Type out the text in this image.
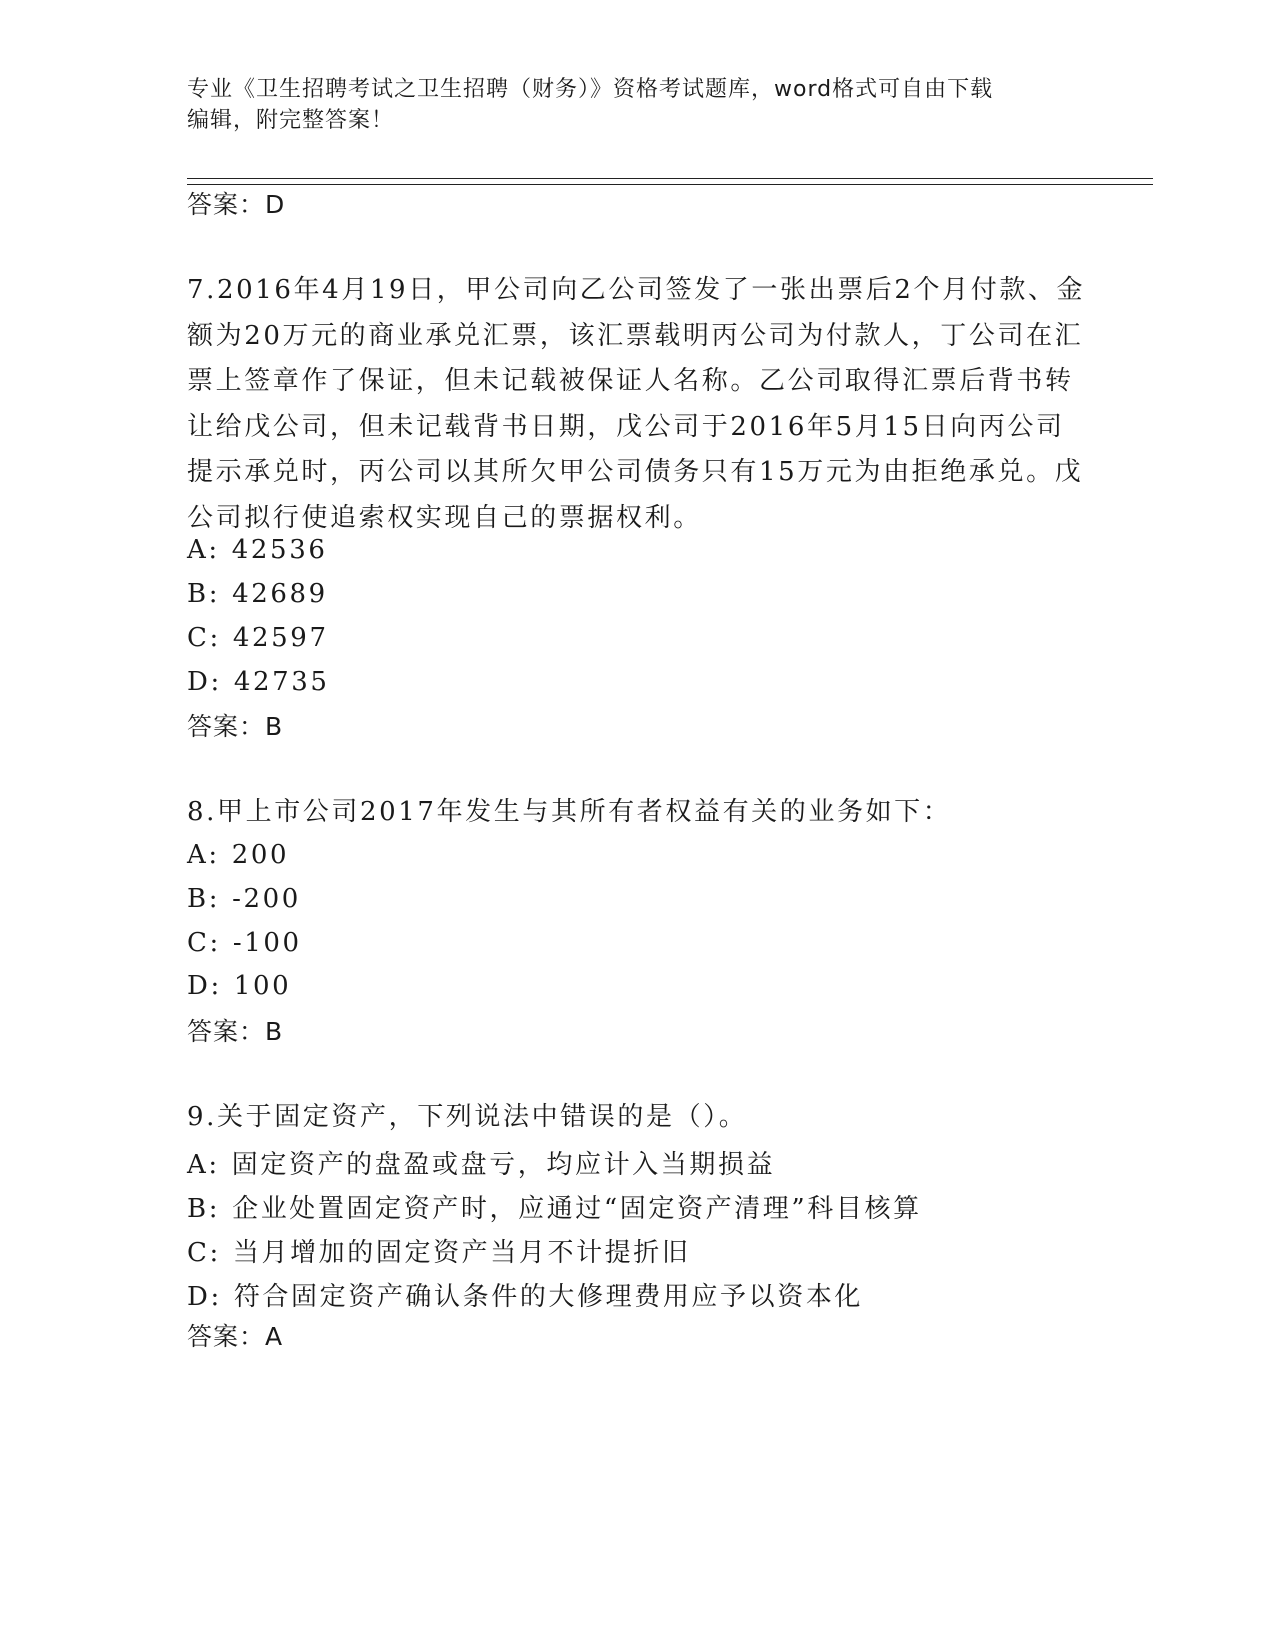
专业《卫生招聘考试之卫生招聘（财务）》资格考试题库，word格式可自由下载
编辑，附完整答案！
答案：D
7.2016年4月19日，甲公司向乙公司签发了一张出票后2个月付款、金额为20万元的商业承兑汇票，该汇票载明丙公司为付款人，丁公司在汇票上签章作了保证，但未记载被保证人名称。乙公司取得汇票后背书转让给戊公司，但未记载背书日期，戊公司于2016年5月15日向丙公司提示承兑时，丙公司以其所欠甲公司债务只有15万元为由拒绝承兑。戊公司拟行使追索权实现自己的票据权利。
A: 42536
B: 42689
C: 42597
D: 42735
答案：B
8.甲上市公司2017年发生与其所有者权益有关的业务如下：
A: 200
B: -200
C: -100
D: 100
答案：B
9.关于固定资产，下列说法中错误的是（）。
A: 固定资产的盘盈或盘亏，均应计入当期损益
B: 企业处置固定资产时，应通过“固定资产清理”科目核算
C: 当月增加的固定资产当月不计提折旧
D: 符合固定资产确认条件的大修理费用应予以资本化
答案：A
